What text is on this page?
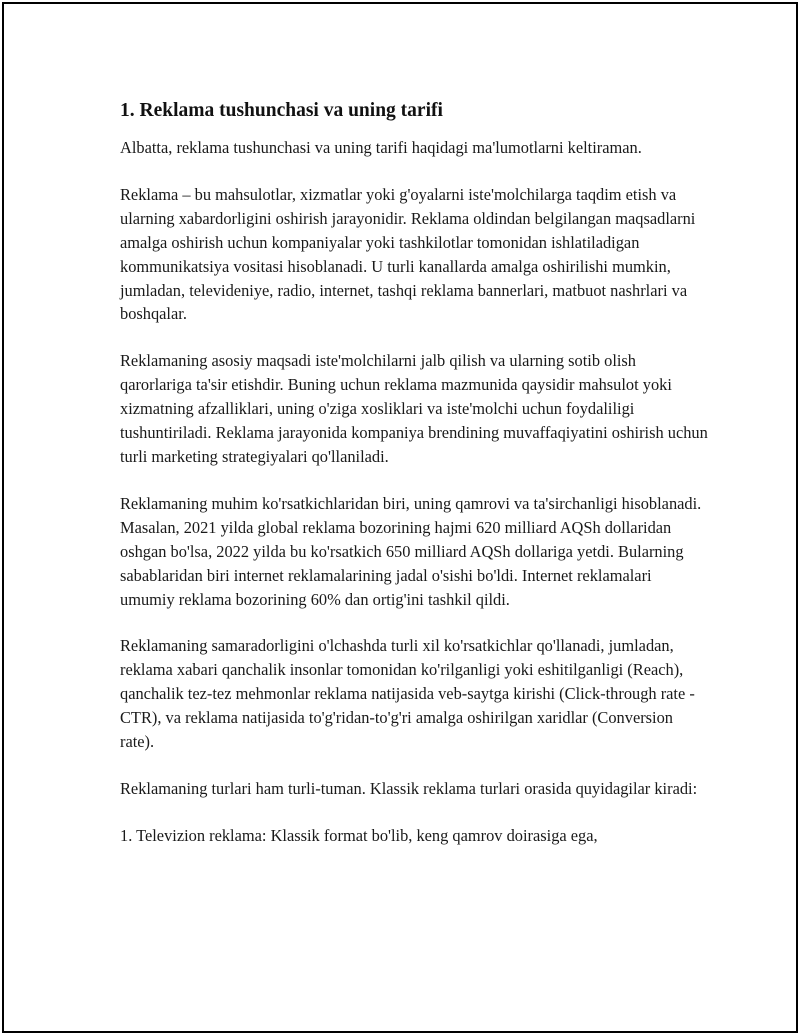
1. Reklama tushunchasi va uning tarifi

Albatta, reklama tushunchasi va uning tarifi haqidagi ma'lumotlarni keltiraman.

Reklama – bu mahsulotlar, xizmatlar yoki g'oyalarni iste'molchilarga taqdim etish va ularning xabardorligini oshirish jarayonidir. Reklama oldindan belgilangan maqsadlarni amalga oshirish uchun kompaniyalar yoki tashkilotlar tomonidan ishlatiladigan kommunikatsiya vositasi hisoblanadi. U turli kanallarda amalga oshirilishi mumkin, jumladan, televideniye, radio, internet, tashqi reklama bannerlari, matbuot nashrlari va boshqalar.

Reklamaning asosiy maqsadi iste'molchilarni jalb qilish va ularning sotib olish qarorlariga ta'sir etishdir. Buning uchun reklama mazmunida qaysidir mahsulot yoki xizmatning afzalliklari, uning o'ziga xosliklari va iste'molchi uchun foydaliligi tushuntiriladi. Reklama jarayonida kompaniya brendining muvaffaqiyatini oshirish uchun turli marketing strategiyalari qo'llaniladi.

Reklamaning muhim ko'rsatkichlaridan biri, uning qamrovi va ta'sirchanligi hisoblanadi. Masalan, 2021 yilda global reklama bozorining hajmi 620 milliard AQSh dollaridan oshgan bo'lsa, 2022 yilda bu ko'rsatkich 650 milliard AQSh dollariga yetdi. Bularning sabablaridan biri internet reklamalarining jadal o'sishi bo'ldi. Internet reklamalari umumiy reklama bozorining 60% dan ortig'ini tashkil qildi.

Reklamaning samaradorligini o'lchashda turli xil ko'rsatkichlar qo'llanadi, jumladan, reklama xabari qanchalik insonlar tomonidan ko'rilganligi yoki eshitilganligi (Reach), qanchalik tez-tez mehmonlar reklama natijasida veb-saytga kirishi (Click-through rate - CTR), va reklama natijasida to'g'ridan-to'g'ri amalga oshirilgan xaridlar (Conversion rate).

Reklamaning turlari ham turli-tuman. Klassik reklama turlari orasida quyidagilar kiradi:

1. Televizion reklama: Klassik format bo'lib, keng qamrov doirasiga ega,
